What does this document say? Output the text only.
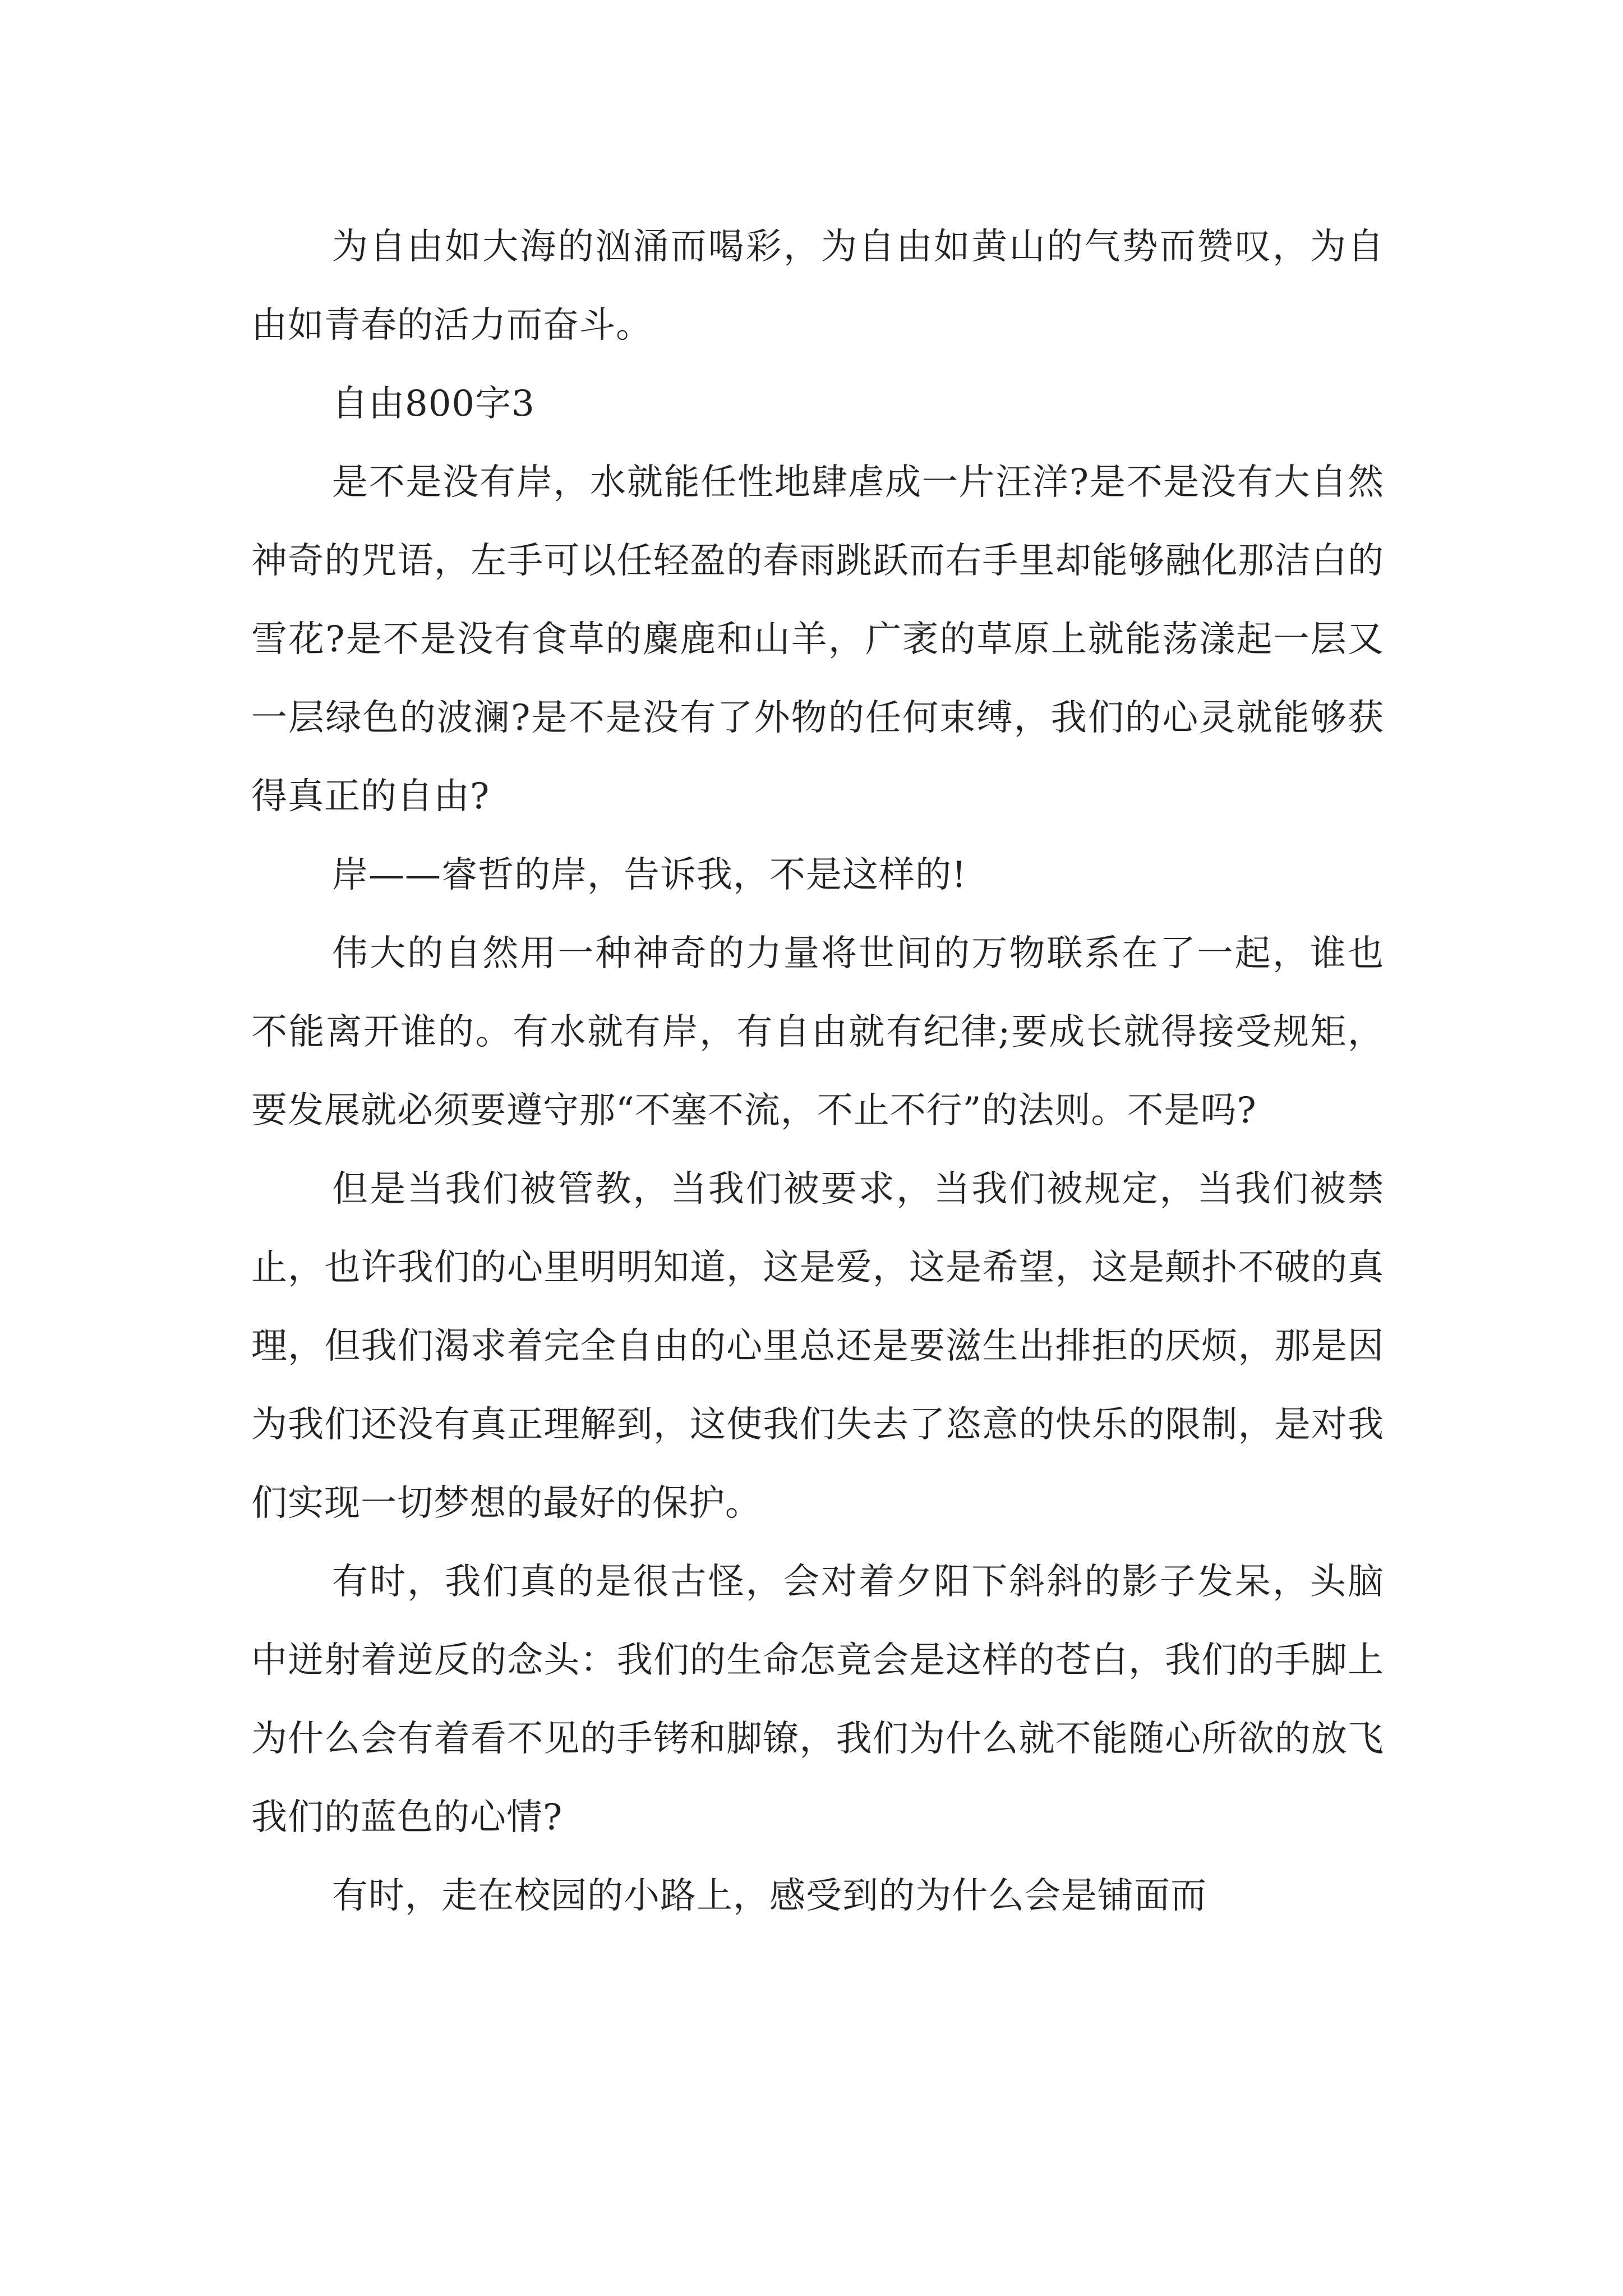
为自由如大海的汹涌而喝彩，为自由如黄山的气势而赞叹，为自由如青春的活力而奋斗。

自由800字3

是不是没有岸，水就能任性地肆虐成一片汪洋?是不是没有大自然神奇的咒语，左手可以任轻盈的春雨跳跃而右手里却能够融化那洁白的雪花?是不是没有食草的麋鹿和山羊，广袤的草原上就能荡漾起一层又一层绿色的波澜?是不是没有了外物的任何束缚，我们的心灵就能够获得真正的自由?

岸——睿哲的岸，告诉我，不是这样的!

伟大的自然用一种神奇的力量将世间的万物联系在了一起，谁也不能离开谁的。有水就有岸，有自由就有纪律;要成长就得接受规矩，要发展就必须要遵守那“不塞不流，不止不行”的法则。不是吗?

但是当我们被管教，当我们被要求，当我们被规定，当我们被禁止，也许我们的心里明明知道，这是爱，这是希望，这是颠扑不破的真理，但我们渴求着完全自由的心里总还是要滋生出排拒的厌烦，那是因为我们还没有真正理解到，这使我们失去了恣意的快乐的限制，是对我们实现一切梦想的最好的保护。

有时，我们真的是很古怪，会对着夕阳下斜斜的影子发呆，头脑中迸射着逆反的念头：我们的生命怎竟会是这样的苍白，我们的手脚上为什么会有着看不见的手铐和脚镣，我们为什么就不能随心所欲的放飞我们的蓝色的心情?

有时，走在校园的小路上，感受到的为什么会是铺面而
